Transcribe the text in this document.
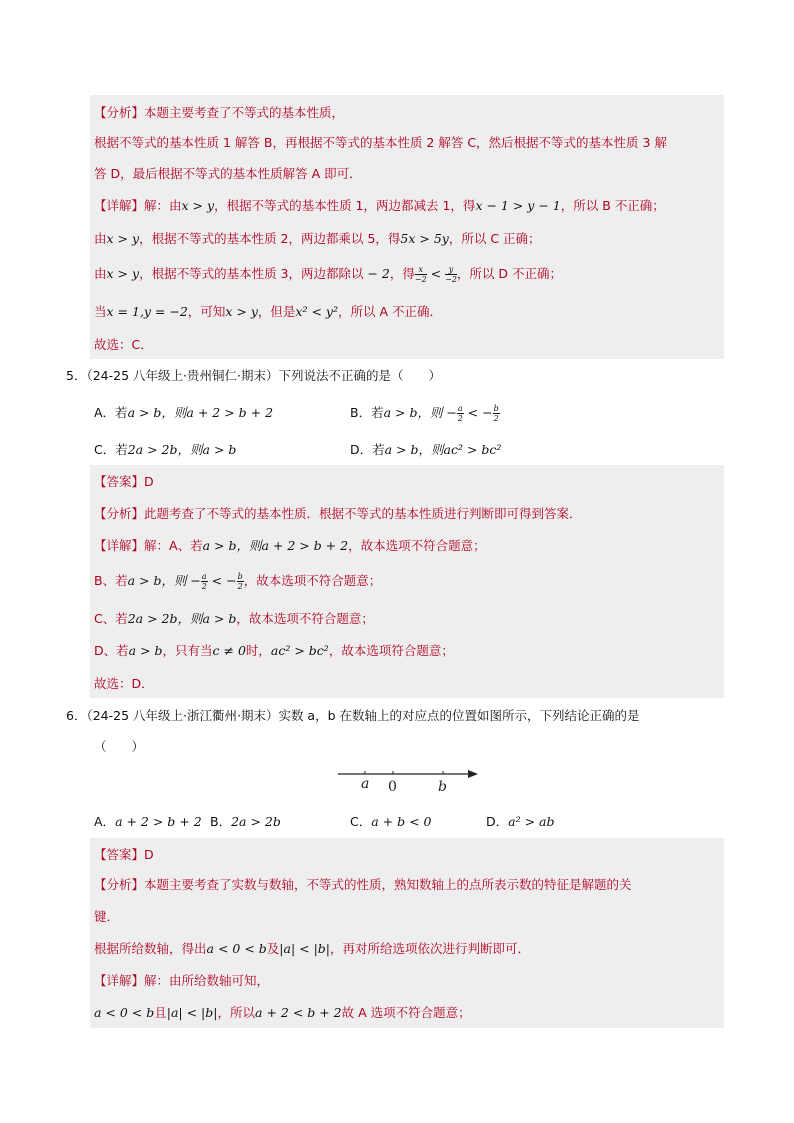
【分析】本题主要考查了不等式的基本性质，
根据不等式的基本性质 1 解答 B，再根据不等式的基本性质 2 解答 C，然后根据不等式的基本性质 3 解
答 D，最后根据不等式的基本性质解答 A 即可．
【详解】解：由x > y，根据不等式的基本性质 1，两边都减去 1，得x − 1 > y − 1，所以 B 不正确；
由x > y，根据不等式的基本性质 2，两边都乘以 5，得5x > 5y，所以 C 正确；
由x > y，根据不等式的基本性质 3，两边都除以 − 2，得 $\frac{x}{-2} < \frac{y}{-2}$ ，所以 D 不正确；
当x = 1,y = −2，可知x > y，但是x² < y²，所以 A 不正确．
故选：C．
5．（24-25 八年级上·贵州铜仁·期末）下列说法不正确的是（　　）
A．若a > b，则a + 2 > b + 2	B．若a > b，则 − $\frac{a}{2}$ < − $\frac{b}{2}$
C．若2a > 2b，则a > b	D．若a > b，则ac² > bc²
【答案】D
【分析】此题考查了不等式的基本性质．根据不等式的基本性质进行判断即可得到答案．
【详解】解：A、若a > b，则a + 2 > b + 2，故本选项不符合题意；
B、若a > b，则 − $\frac{a}{2}$ < − $\frac{b}{2}$ ，故本选项不符合题意；
C、若2a > 2b，则a > b，故本选项不符合题意；
D、若a > b，只有当c ≠ 0时，ac² > bc²，故本选项符合题意；
故选：D．
6．（24-25 八年级上·浙江衢州·期末）实数 a，b 在数轴上的对应点的位置如图所示，下列结论正确的是
（　　）
a 0	b
A．a + 2 > b + 2 B．2a > 2b	C．a + b < 0	D．a² > ab
【答案】D
【分析】本题主要考查了实数与数轴，不等式的性质，熟知数轴上的点所表示数的特征是解题的关
键．
根据所给数轴，得出a < 0 < b及|a| < |b|，再对所给选项依次进行判断即可．
【详解】解：由所给数轴可知，
a < 0 < b且|a| < |b|，所以a + 2 < b + 2故 A 选项不符合题意；
